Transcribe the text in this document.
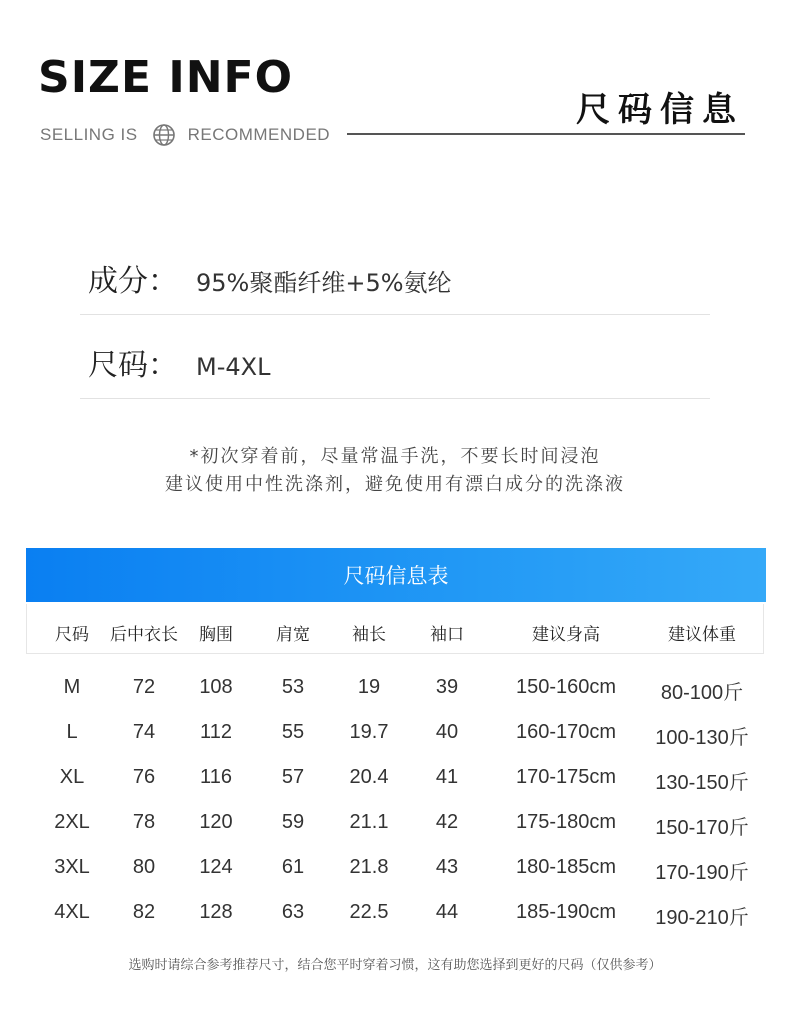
SIZE INFO
SELLING IS	RECOMMENDED
尺码信息
成分： 95%聚酯纤维+5%氨纶
尺码： M-4XL
*初次穿着前，尽量常温手洗，不要长时间浸泡
建议使用中性洗涤剂，避免使用有漂白成分的洗涤液
尺码信息表
尺码 后中衣长 胸围	肩宽 袖长	袖口	建议身高	建议体重
M	72 108 53	19	39	150-160cm 80-100斤
L	74 112 55 19.7 40	160-170cm 100-130斤
XL 76 116 57 20.4 41	170-175cm 130-150斤
2XL 78 120 59 21.1 42	175-180cm 150-170斤
3XL 80 124 61 21.8 43	180-185cm 170-190斤
4XL 82 128 63 22.5 44	185-190cm 190-210斤
选购时请综合参考推荐尺寸，结合您平时穿着习惯，这有助您选择到更好的尺码（仅供参考）
